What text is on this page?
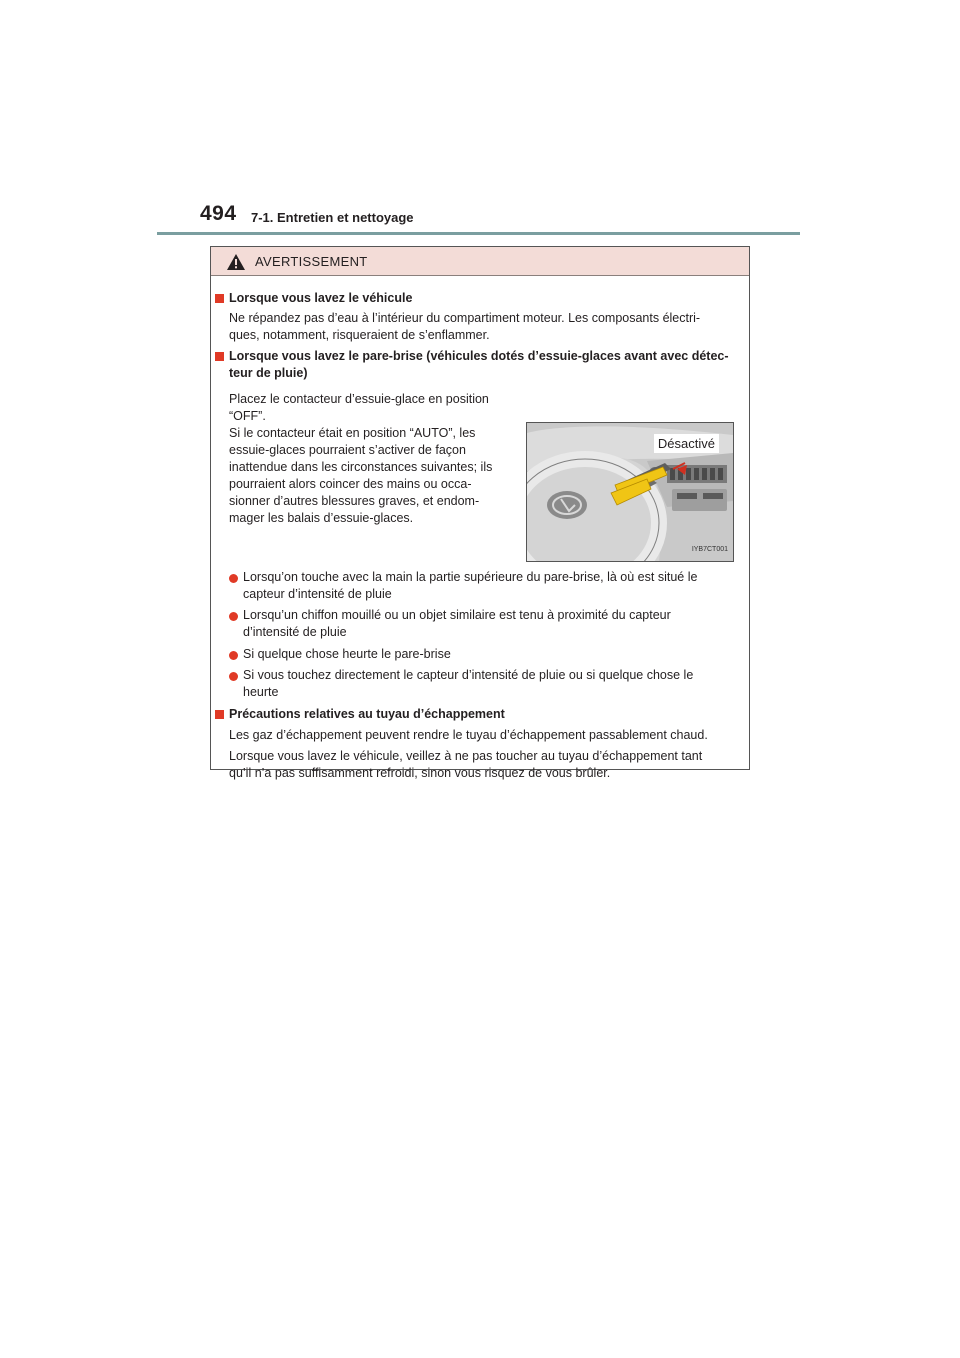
494 7-1. Entretien et nettoyage
AVERTISSEMENT
Lorsque vous lavez le véhicule
Ne répandez pas d’eau à l’intérieur du compartiment moteur. Les composants électri-
ques, notamment, risqueraient de s’enflammer.
Lorsque vous lavez le pare-brise (véhicules dotés d’essuie-glaces avant avec détec-
teur de pluie)
Placez le contacteur d’essuie-glace en position
“OFF”.
Si le contacteur était en position “AUTO”, les
essuie-glaces pourraient s’activer de façon
inattendue dans les circonstances suivantes; ils
pourraient alors coincer des mains ou occa-
sionner d’autres blessures graves, et endom-
mager les balais d’essuie-glaces.
Désactivé
IYB7CT001
Lorsqu’on touche avec la main la partie supérieure du pare-brise, là où est situé le
capteur d’intensité de pluie
Lorsqu’un chiffon mouillé ou un objet similaire est tenu à proximité du capteur
d’intensité de pluie
Si quelque chose heurte le pare-brise
Si vous touchez directement le capteur d’intensité de pluie ou si quelque chose le
heurte
Précautions relatives au tuyau d’échappement
Les gaz d’échappement peuvent rendre le tuyau d’échappement passablement chaud.
Lorsque vous lavez le véhicule, veillez à ne pas toucher au tuyau d’échappement tant
qu’il n’a pas suffisamment refroidi, sinon vous risquez de vous brûler.
